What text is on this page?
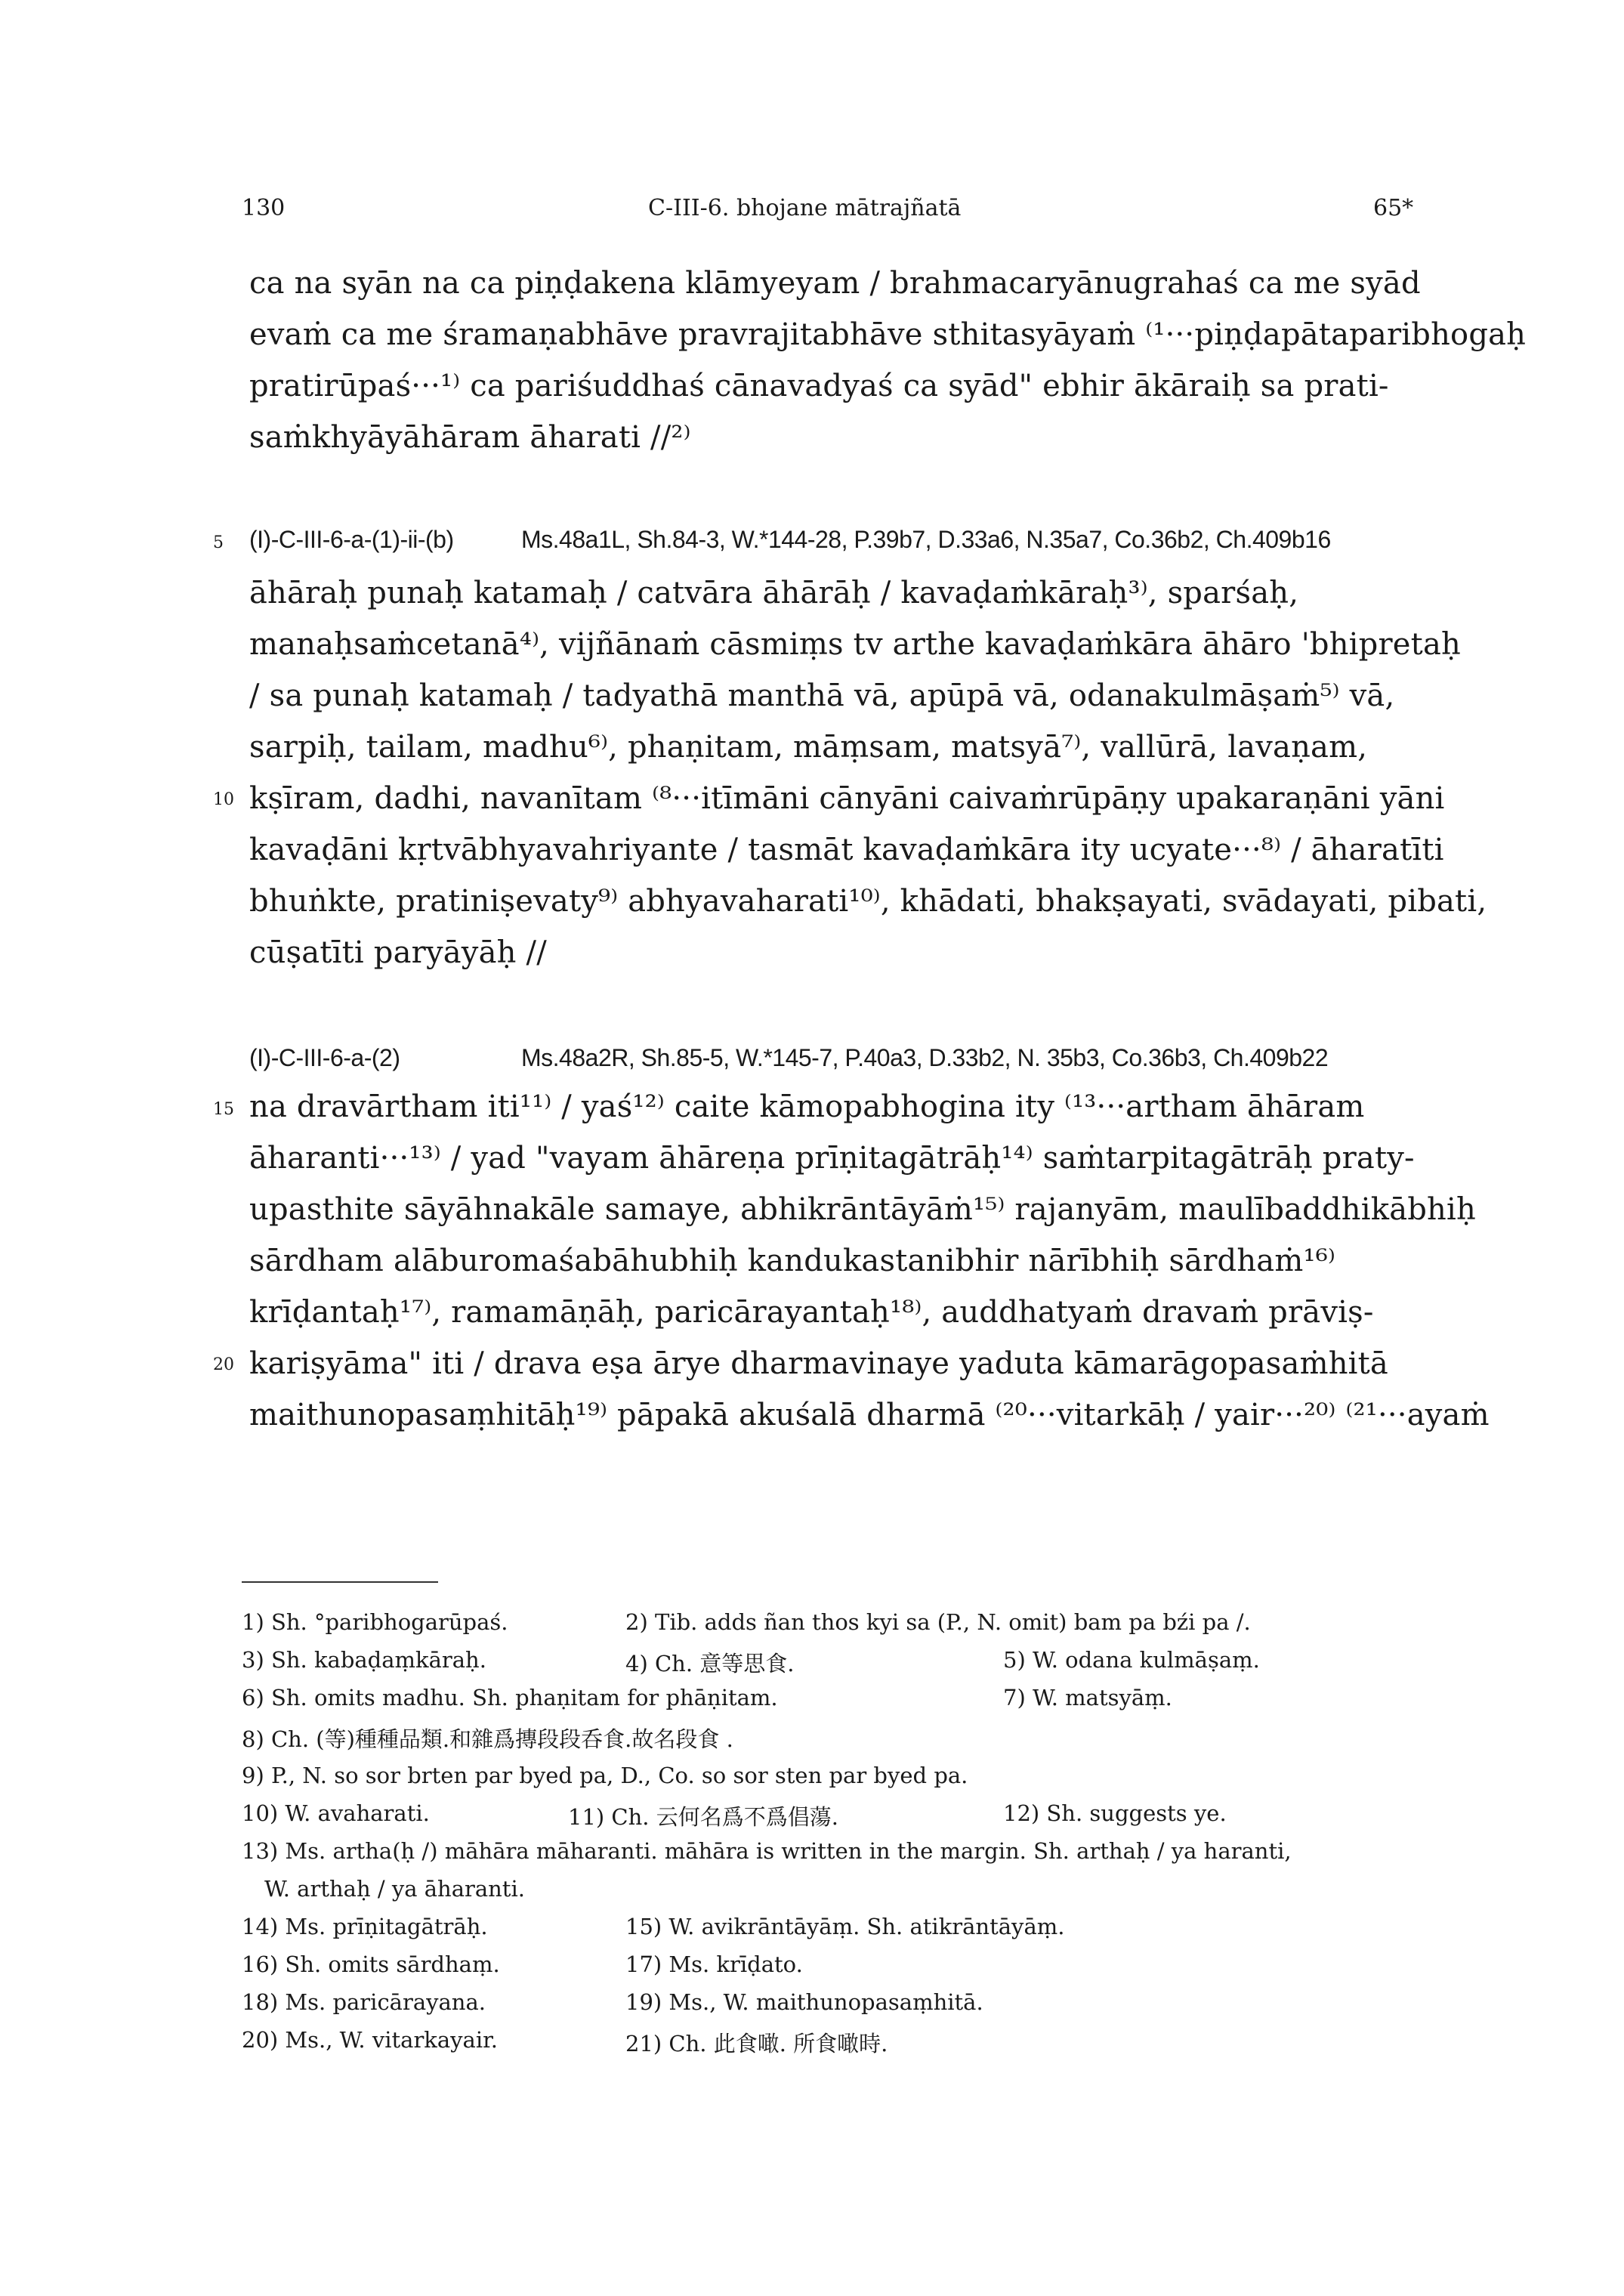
130	C-III-6. bhojane mātrajñatā	65*
ca na syān na ca piṇḍakena klāmyeyam / brahmacaryānugrahaś ca me syād
evaṁ ca me śramaṇabhāve pravrajitabhāve sthitasyāyaṁ ⁽¹···piṇḍapātaparibhogaḥ
pratirūpaś···¹⁾ ca pariśuddhaś cānavadyaś ca syād" ebhir ākāraiḥ sa prati-
saṁkhyāyāhāram āharati //²⁾
5 (I)-C-III-6-a-(1)-ii-(b)	Ms.48a1L, Sh.84-3, W.*144-28, P.39b7, D.33a6, N.35a7, Co.36b2, Ch.409b16
āhāraḥ punaḥ katamaḥ / catvāra āhārāḥ / kavaḍaṁkāraḥ³⁾, sparśaḥ,
manaḥsaṁcetanā⁴⁾, vijñānaṁ cāsmiṃs tv arthe kavaḍaṁkāra āhāro 'bhipretaḥ
/ sa punaḥ katamaḥ / tadyathā manthā vā, apūpā vā, odanakulmāṣaṁ⁵⁾ vā,
sarpiḥ, tailam, madhu⁶⁾, phaṇitam, māṃsam, matsyā⁷⁾, vallūrā, lavaṇam,
10 kṣīram, dadhi, navanītam ⁽⁸···itīmāni cānyāni caivaṁrūpāṇy upakaraṇāni yāni
kavaḍāni kṛtvābhyavahriyante / tasmāt kavaḍaṁkāra ity ucyate···⁸⁾ / āharatīti
bhuṅkte, pratiniṣevaty⁹⁾ abhyavaharati¹⁰⁾, khādati, bhakṣayati, svādayati, pibati,
cūṣatīti paryāyāḥ //
(I)-C-III-6-a-(2)	Ms.48a2R, Sh.85-5, W.*145-7, P.40a3, D.33b2, N. 35b3, Co.36b3, Ch.409b22
15 na dravārtham iti¹¹⁾ / yaś¹²⁾ caite kāmopabhogina ity ⁽¹³···artham āhāram
āharanti···¹³⁾ / yad "vayam āhāreṇa prīṇitagātrāḥ¹⁴⁾ saṁtarpitagātrāḥ praty-
upasthite sāyāhnakāle samaye, abhikrāntāyāṁ¹⁵⁾ rajanyām, maulībaddhikābhiḥ
sārdham alāburomaśabāhubhiḥ kandukastanibhir nārībhiḥ sārdhaṁ¹⁶⁾
krīḍantaḥ¹⁷⁾, ramamāṇāḥ, paricārayantaḥ¹⁸⁾, auddhatyaṁ dravaṁ prāviṣ-
20 kariṣyāma" iti / drava eṣa ārye dharmavinaye yaduta kāmarāgopasaṁhitā
maithunopasaṃhitāḥ¹⁹⁾ pāpakā akuśalā dharmā ⁽²⁰···vitarkāḥ / yair···²⁰⁾ ⁽²¹···ayaṁ
1) Sh. °paribhogarūpaś.	2) Tib. adds ñan thos kyi sa (P., N. omit) bam pa bźi pa /.
3) Sh. kabaḍaṃkāraḥ.	4) Ch. 意等思食.	5) W. odana kulmāṣaṃ.
6) Sh. omits madhu. Sh. phaṇitam for phāṇitam.	7) W. matsyāṃ.
8) Ch. (等)種種品類.和雜爲摶段段呑食.故名段食 .
9) P., N. so sor brten par byed pa, D., Co. so sor sten par byed pa.
10) W. avaharati.	11) Ch. 云何名爲不爲倡蕩.	12) Sh. suggests ye.
13) Ms. artha(ḥ /) māhāra māharanti. māhāra is written in the margin. Sh. arthaḥ / ya haranti,
W. arthaḥ / ya āharanti.
14) Ms. prīṇitagātrāḥ.	15) W. avikrāntāyāṃ. Sh. atikrāntāyāṃ.
16) Sh. omits sārdhaṃ.	17) Ms. krīḍato.
18) Ms. paricārayana.	19) Ms., W. maithunopasaṃhitā.
20) Ms., W. vitarkayair.	21) Ch. 此食噉. 所食噉時.
